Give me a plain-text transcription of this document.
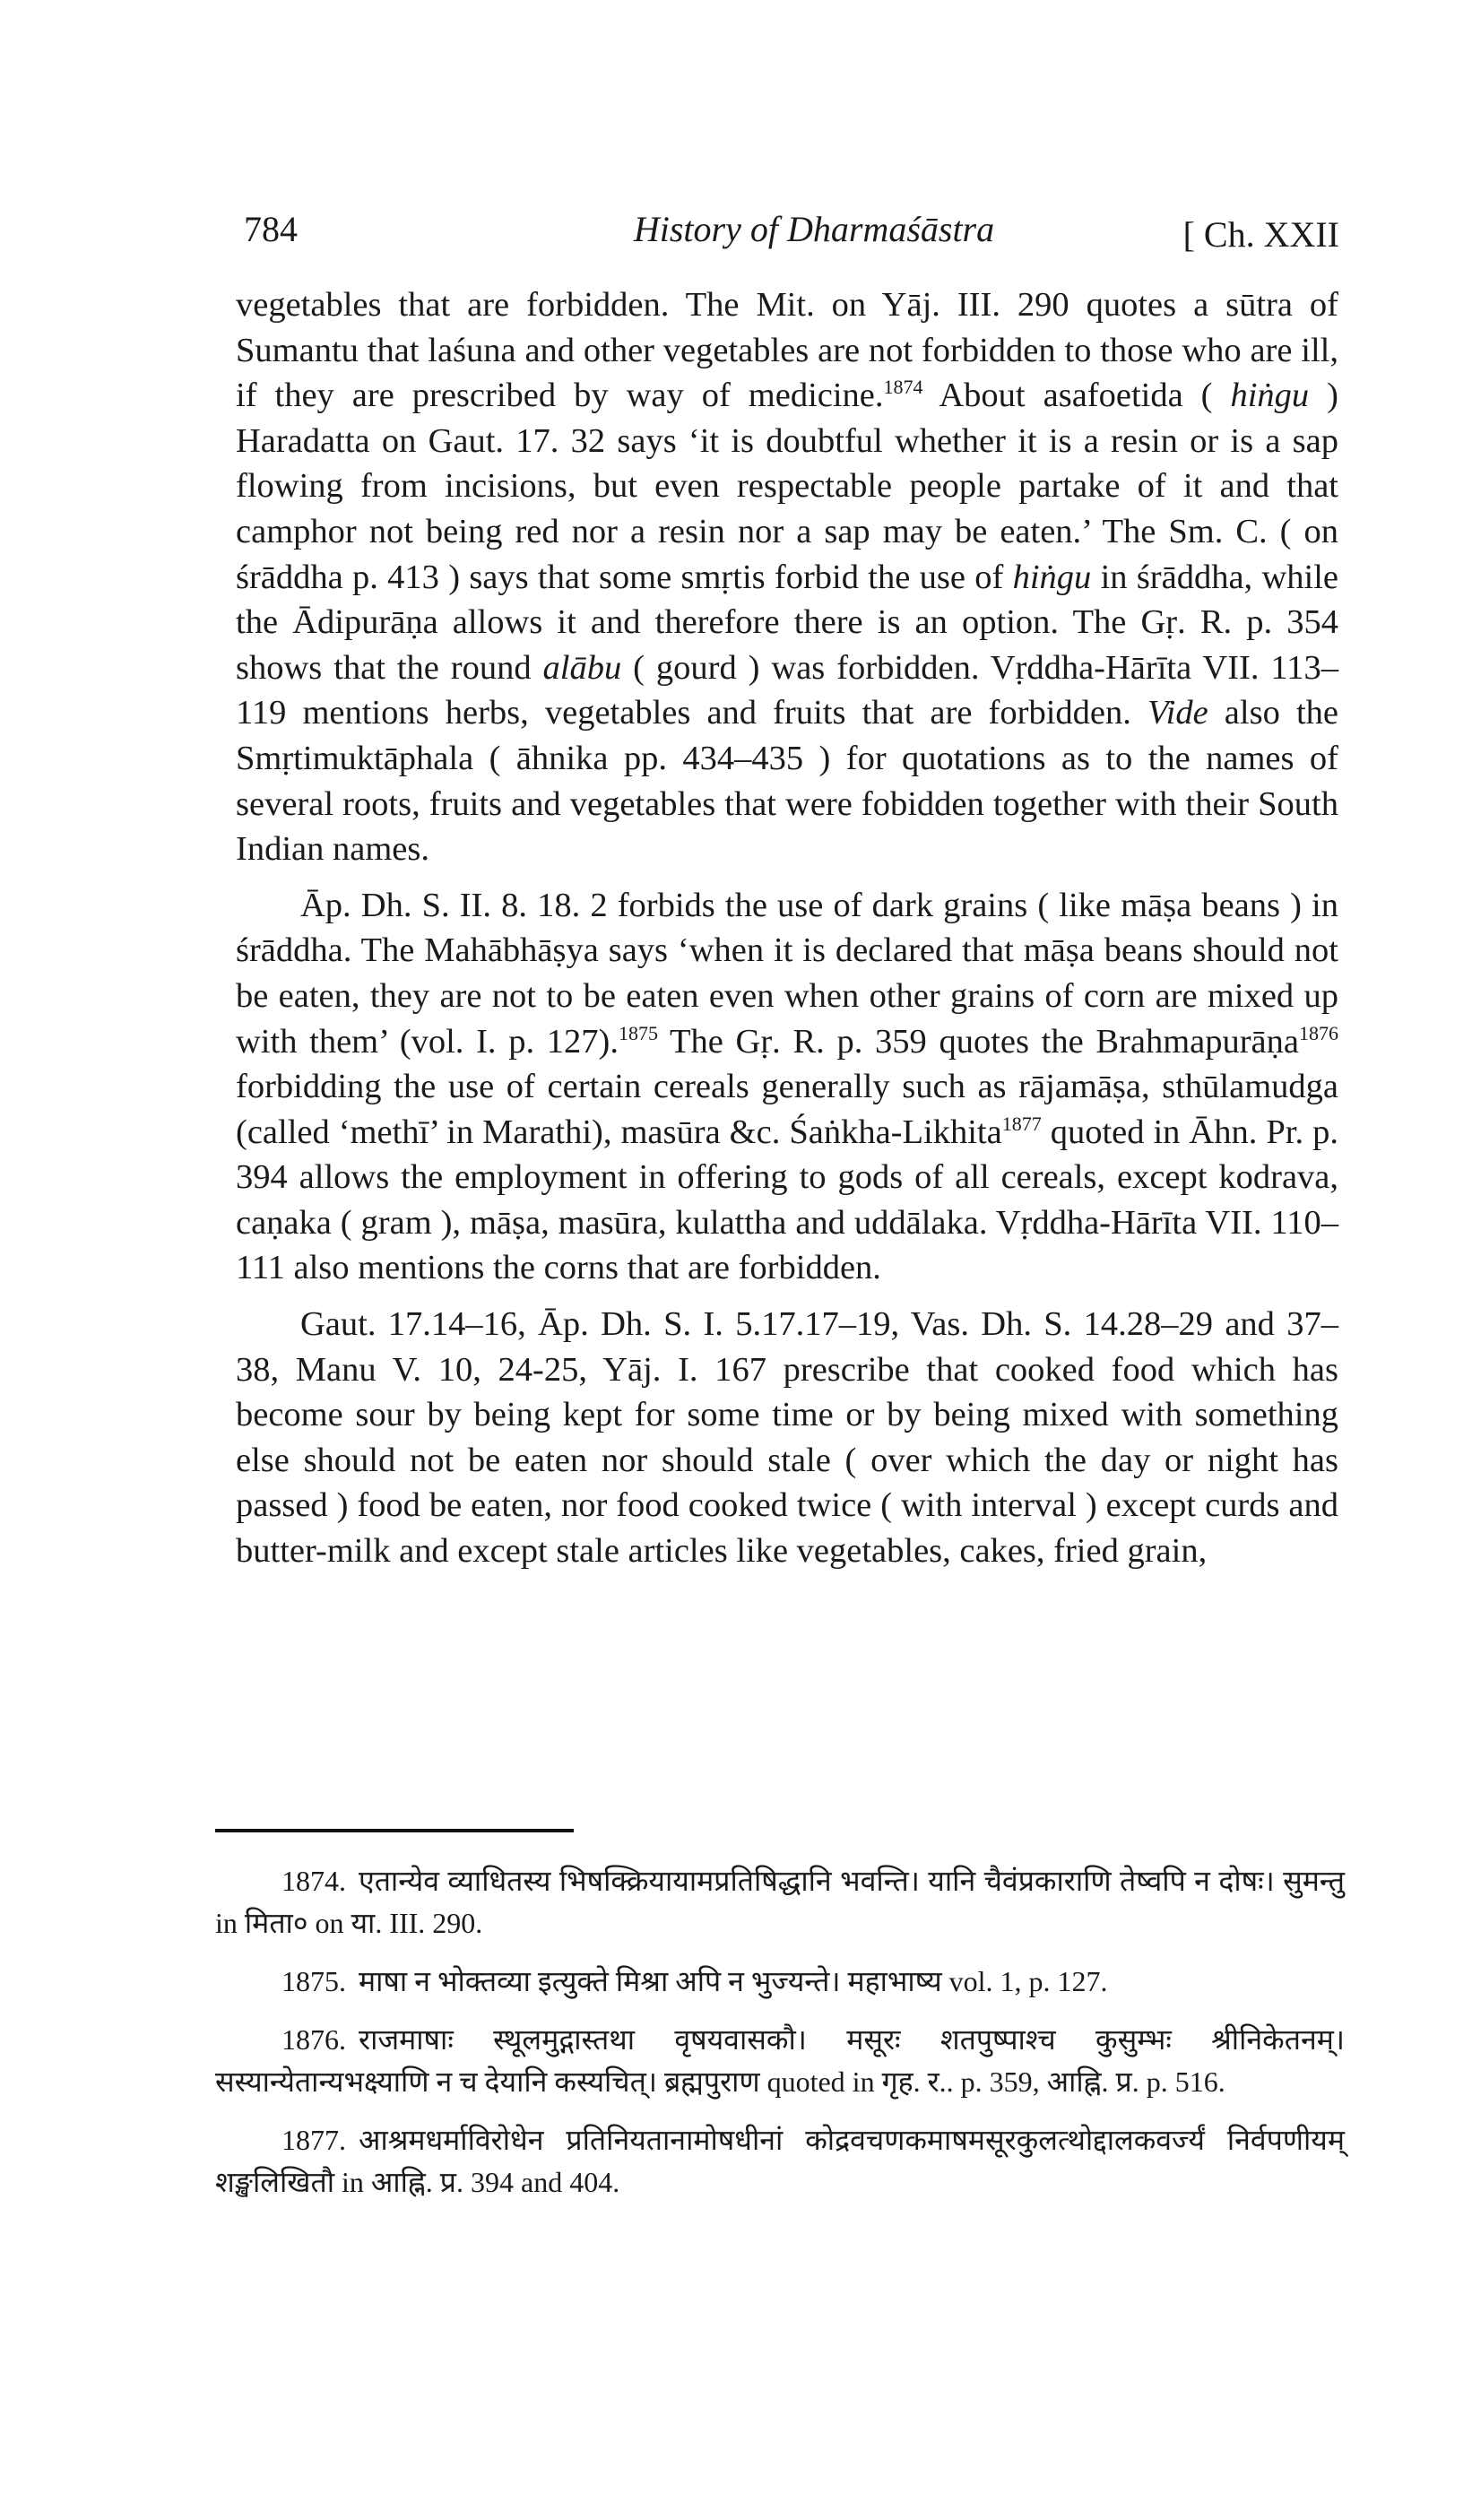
784	History of Dharmaśāstra	[ Ch. XXII

vegetables that are forbidden. The Mit. on Yāj. III. 290 quotes a sūtra of Sumantu that laśuna and other vegetables are not forbidden to those who are ill, if they are prescribed by way of medicine.$^{1874}$ About asafoetida ( hiṅgu ) Haradatta on Gaut. 17. 32 says ‘it is doubtful whether it is a resin or is a sap flowing from incisions, but even respectable people partake of it and that camphor not being red nor a resin nor a sap may be eaten.’ The Sm. C. ( on śrāddha p. 413 ) says that some smṛtis forbid the use of hiṅgu in śrāddha, while the Ādipurāṇa allows it and therefore there is an option. The Gṛ. R. p. 354 shows that the round alābu ( gourd ) was forbidden. Vṛddha-Hārīta VII. 113–119 mentions herbs, vegetables and fruits that are forbidden. Vide also the Smṛtimuktāphala ( āhnika pp. 434–435 ) for quotations as to the names of several roots, fruits and vegetables that were fobidden together with their South Indian names.

Āp. Dh. S. II. 8. 18. 2 forbids the use of dark grains ( like māṣa beans ) in śrāddha. The Mahābhāṣya says ‘when it is declared that māṣa beans should not be eaten, they are not to be eaten even when other grains of corn are mixed up with them’ (vol. I. p. 127).$^{1875}$ The Gṛ. R. p. 359 quotes the Brahmapurāṇa$^{1876}$ forbidding the use of certain cereals generally such as rājamāṣa, sthūlamudga (called ‘methī’ in Marathi), masūra &c. Śaṅkha-Likhita$^{1877}$ quoted in Āhn. Pr. p. 394 allows the employment in offering to gods of all cereals, except kodrava, caṇaka ( gram ), māṣa, masūra, kulattha and uddālaka. Vṛddha-Hārīta VII. 110–111 also mentions the corns that are forbidden.

Gaut. 17.14–16, Āp. Dh. S. I. 5.17.17–19, Vas. Dh. S. 14.28–29 and 37–38, Manu V. 10, 24-25, Yāj. I. 167 prescribe that cooked food which has become sour by being kept for some time or by being mixed with something else should not be eaten nor should stale ( over which the day or night has passed ) food be eaten, nor food cooked twice ( with interval ) except curds and butter-milk and except stale articles like vegetables, cakes, fried grain,

1874. एतान्येव व्याधितस्य भिषक्क्रियायामप्रतिषिद्धानि भवन्ति। यानि चैवंप्रकाराणि तेष्वपि न दोषः। सुमन्तु in मिता० on या. III. 290.

1875. माषा न भोक्तव्या इत्युक्ते मिश्रा अपि न भुज्यन्ते। महाभाष्य vol. 1, p. 127.

1876. राजमाषाः स्थूलमुद्गास्तथा वृषयवासकौ। मसूरः शतपुष्पाश्च कुसुम्भः श्रीनिकेतनम्। सस्यान्येतान्यभक्ष्याणि न च देयानि कस्यचित्। ब्रह्मपुराण quoted in गृह. र.. p. 359, आह्नि. प्र. p. 516.

1877. आश्रमधर्माविरोधेन प्रतिनियतानामोषधीनां कोद्रवचणकमाषमसूरकुलत्थोद्दालकवर्ज्यं निर्वपणीयम् शङ्खलिखितौ in आह्नि. प्र. 394 and 404.
